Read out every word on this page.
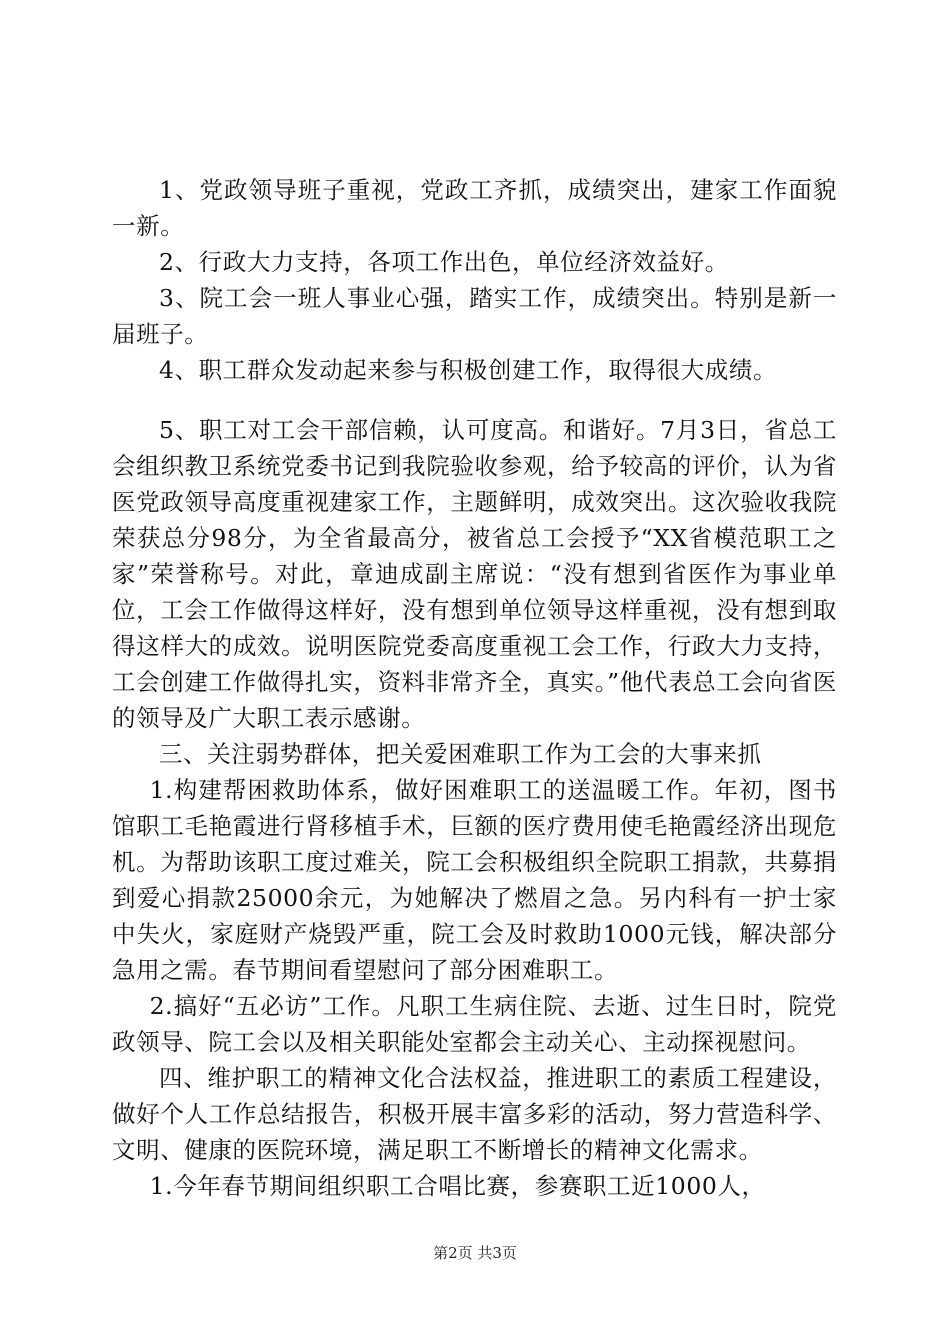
1、党政领导班子重视，党政工齐抓，成绩突出，建家工作面貌一新。

2、行政大力支持，各项工作出色，单位经济效益好。

3、院工会一班人事业心强，踏实工作，成绩突出。特别是新一届班子。

4、职工群众发动起来参与积极创建工作，取得很大成绩。

5、职工对工会干部信赖，认可度高。和谐好。7月3日，省总工会组织教卫系统党委书记到我院验收参观，给予较高的评价，认为省医党政领导高度重视建家工作，主题鲜明，成效突出。这次验收我院荣获总分98分，为全省最高分，被省总工会授予“XX省模范职工之家”荣誉称号。对此，章迪成副主席说：“没有想到省医作为事业单位，工会工作做得这样好，没有想到单位领导这样重视，没有想到取得这样大的成效。说明医院党委高度重视工会工作，行政大力支持，工会创建工作做得扎实，资料非常齐全，真实。”他代表总工会向省医的领导及广大职工表示感谢。

三、关注弱势群体，把关爱困难职工作为工会的大事来抓

1.构建帮困救助体系，做好困难职工的送温暖工作。年初，图书馆职工毛艳霞进行肾移植手术，巨额的医疗费用使毛艳霞经济出现危机。为帮助该职工度过难关，院工会积极组织全院职工捐款，共募捐到爱心捐款25000余元，为她解决了燃眉之急。另内科有一护士家中失火，家庭财产烧毁严重，院工会及时救助1000元钱，解决部分急用之需。春节期间看望慰问了部分困难职工。

2.搞好“五必访”工作。凡职工生病住院、去逝、过生日时，院党政领导、院工会以及相关职能处室都会主动关心、主动探视慰问。

四、维护职工的精神文化合法权益，推进职工的素质工程建设，做好个人工作总结报告，积极开展丰富多彩的活动，努力营造科学、文明、健康的医院环境，满足职工不断增长的精神文化需求。

1.今年春节期间组织职工合唱比赛，参赛职工近1000人，

第2页 共3页
